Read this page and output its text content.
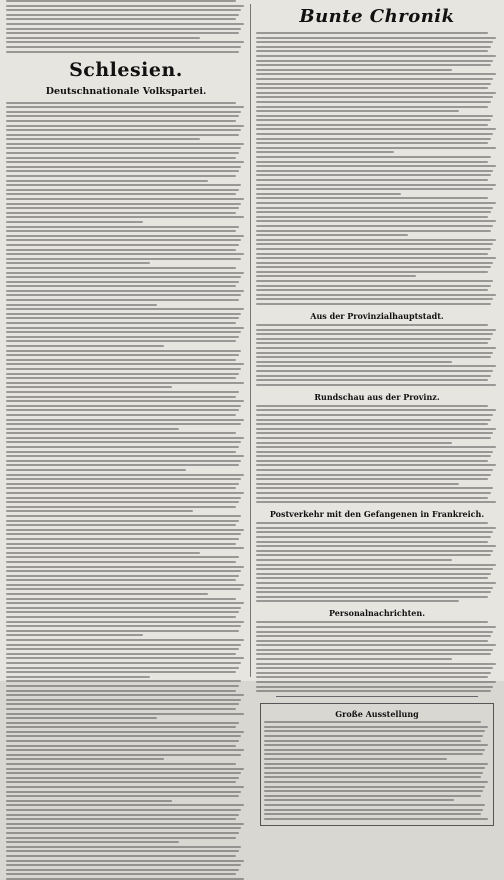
Schlesien.
Deutschnationale Volkspartei.
Bunte Chronik
Aus der Provinzialhauptstadt.
Rundschau aus der Provinz.
Postverkehr mit den Gefangenen in Frankreich.
Personalnachrichten.
Große Ausstellung
